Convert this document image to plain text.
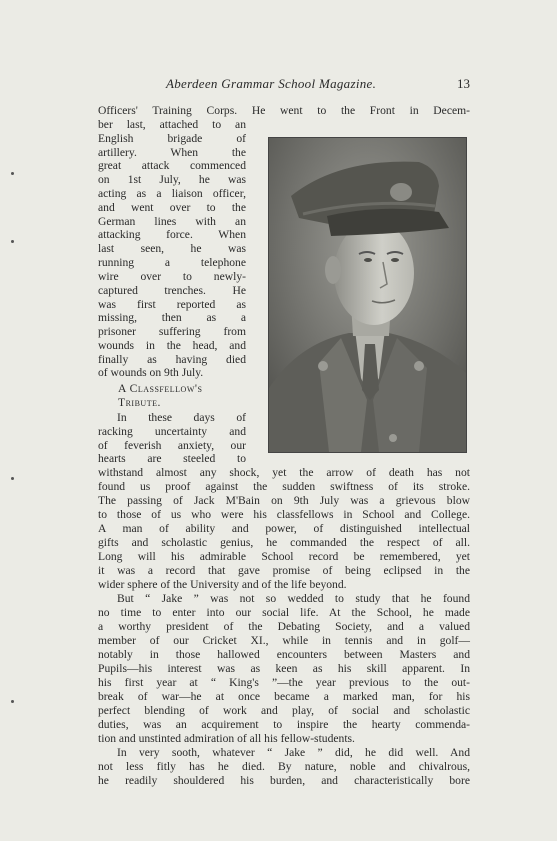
Aberdeen Grammar School Magazine.	13
Officers' Training Corps. He went to the Front in Decem-
ber last, attached to an
English brigade of
artillery. When the
great attack commenced
on 1st July, he was
acting as a liaison officer,
and went over to the
German lines with an
attacking force. When
last seen, he was
running a telephone
wire over to newly-
captured trenches. He
was first reported as
missing, then as a
prisoner suffering from
wounds in the head, and
finally as having died
of wounds on 9th July.
A Classfellow's
Tribute.
In these days of
racking uncertainty and
of feverish anxiety, our
hearts are steeled to
withstand almost any shock, yet the arrow of death has not
found us proof against the sudden swiftness of its stroke.
The passing of Jack M'Bain on 9th July was a grievous blow
to those of us who were his classfellows in School and College.
A man of ability and power, of distinguished intellectual
gifts and scholastic genius, he commanded the respect of all.
Long will his admirable School record be remembered, yet
it was a record that gave promise of being eclipsed in the
wider sphere of the University and of the life beyond.
But “ Jake ” was not so wedded to study that he found
no time to enter into our social life. At the School, he made
a worthy president of the Debating Society, and a valued
member of our Cricket XI., while in tennis and in golf—
notably in those hallowed encounters between Masters and
Pupils—his interest was as keen as his skill apparent. In
his first year at “ King's ”—the year previous to the out-
break of war—he at once became a marked man, for his
perfect blending of work and play, of social and scholastic
duties, was an acquirement to inspire the hearty commenda-
tion and unstinted admiration of all his fellow-students.
In very sooth, whatever “ Jake ” did, he did well. And
not less fitly has he died. By nature, noble and chivalrous,
he readily shouldered his burden, and characteristically bore
